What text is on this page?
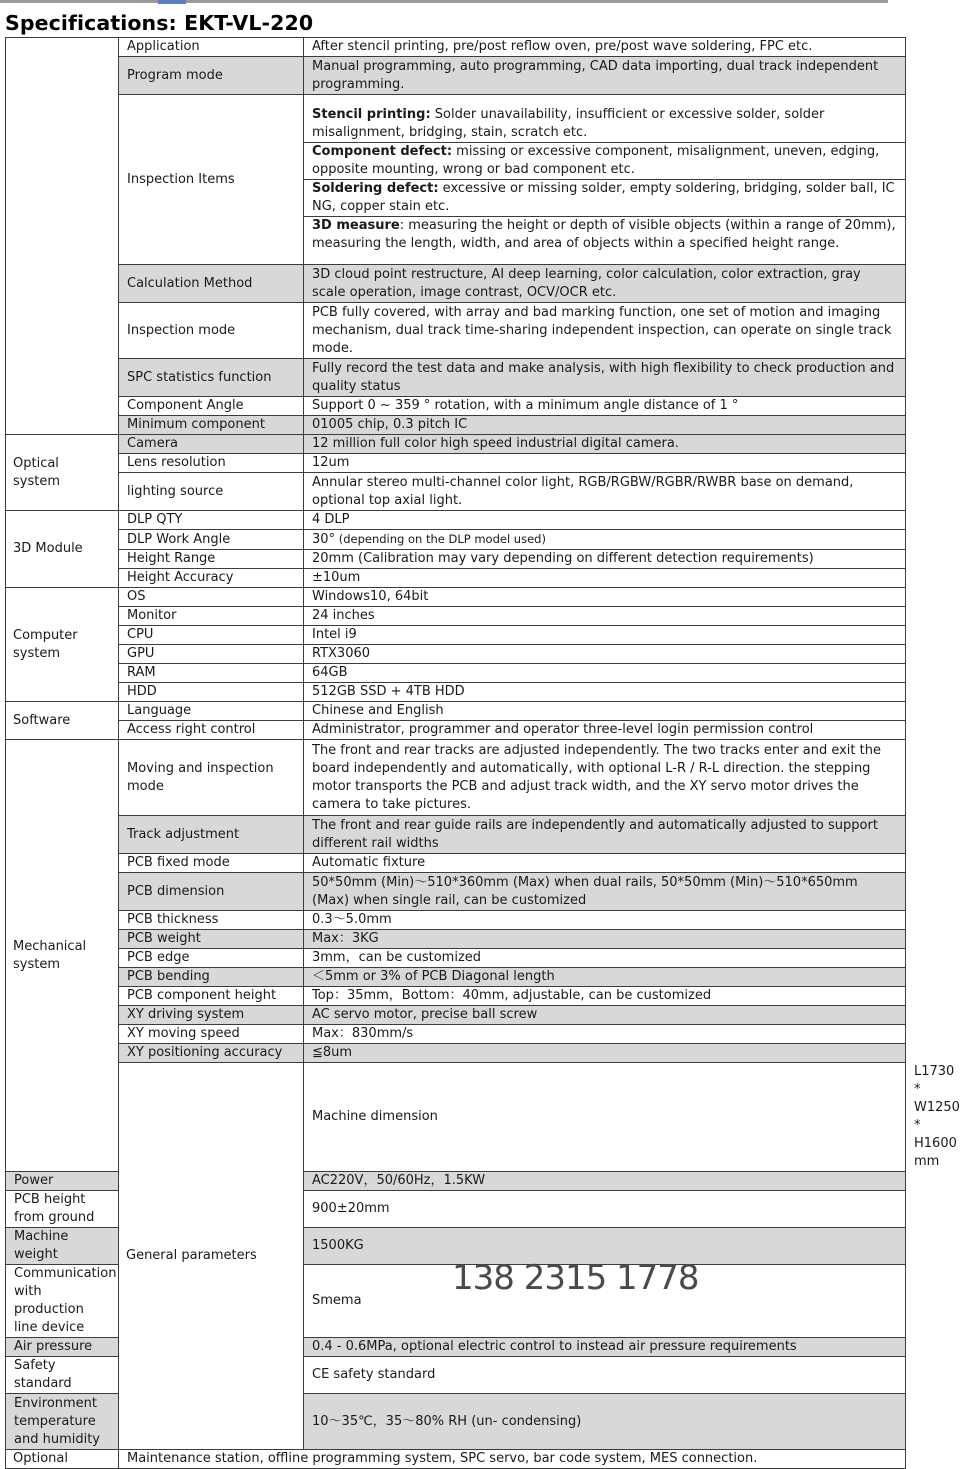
Specifications: EKT-VL-220
	Application	After stencil printing, pre/post reflow oven, pre/post wave soldering, FPC etc.	
	Program mode	Manual programming, auto programming, CAD data importing, dual track independent programming.	
	Inspection Items	Stencil printing: Solder unavailability, insufficient or excessive solder, solder misalignment, bridging, stain, scratch etc.
Component defect: missing or excessive component, misalignment, uneven, edging, opposite mounting, wrong or bad component etc.
Soldering defect: excessive or missing solder, empty soldering, bridging, solder ball, IC NG, copper stain etc.
3D measure: measuring the height or depth of visible objects (within a range of 20mm), measuring the length, width, and area of objects within a specified height range.	

	Calculation Method	3D cloud point restructure, AI deep learning, color calculation, color extraction, gray scale operation, image contrast, OCV/OCR etc.	
	Inspection mode	PCB fully covered, with array and bad marking function, one set of motion and imaging mechanism, dual track time-sharing independent inspection, can operate on single track mode.	
	SPC statistics function	Fully record the test data and make analysis, with high flexibility to check production and quality status	
	Component Angle	Support 0 ~ 359 ° rotation, with a minimum angle distance of 1 °	
	Minimum component	01005 chip, 0.3 pitch IC	
Optical system	Camera	12 million full color high speed industrial digital camera.	
	Lens resolution	12um	
	lighting source	Annular stereo multi-channel color light, RGB/RGBW/RGBR/RWBR base on demand, optional top axial light.	
3D Module	DLP QTY	4 DLP	
	DLP Work Angle	30° (depending on the DLP model used)	
	Height Range	20mm (Calibration may vary depending on different detection requirements)	
	Height Accuracy	±10um	
Computer system	OS	Windows10, 64bit	
	Monitor	24 inches	
	CPU	Intel i9	
	GPU	RTX3060	
	RAM	64GB	
	HDD	512GB SSD + 4TB HDD	
Software	Language	Chinese and English	
	Access right control	Administrator, programmer and operator three-level login permission control	
Mechanical system	Moving and inspection mode	The front and rear tracks are adjusted independently. The two tracks enter and exit the board independently and automatically, with optional L-R / R-L direction. the stepping motor transports the PCB and adjust track width, and the XY servo motor drives the camera to take pictures.	
	Track adjustment	The front and rear guide rails are independently and automatically adjusted to support different rail widths	
	PCB fixed mode	Automatic fixture	
	PCB dimension	50*50mm (Min)～510*360mm (Max) when dual rails, 50*50mm (Min)～510*650mm (Max) when single rail, can be customized	
	PCB thickness	0.3～5.0mm	
	PCB weight	Max：3KG	
	PCB edge	3mm，can be customized	
	PCB bending	＜5mm or 3% of PCB Diagonal length	
	PCB component height	Top：35mm，Bottom：40mm, adjustable, can be customized	
	XY driving system	AC servo motor, precise ball screw	
	XY moving speed	Max：830mm/s	
	XY positioning accuracy	≦8um	
	General parameters	Machine dimension	L1730 * W1250 * H1600 mm
Power		AC220V，50/60Hz，1.5KW	
PCB height from ground		900±20mm	
Machine weight		1500KG	
Communication with production line device		Smema
138 2315 1778	

Air pressure		0.4 - 0.6MPa, optional electric control to instead air pressure requirements	
Safety standard		CE safety standard	
Environment temperature and humidity		10～35℃，35～80% RH (un- condensing)	
Optional	Maintenance station, offline programming system, SPC servo, bar code system, MES connection.		
